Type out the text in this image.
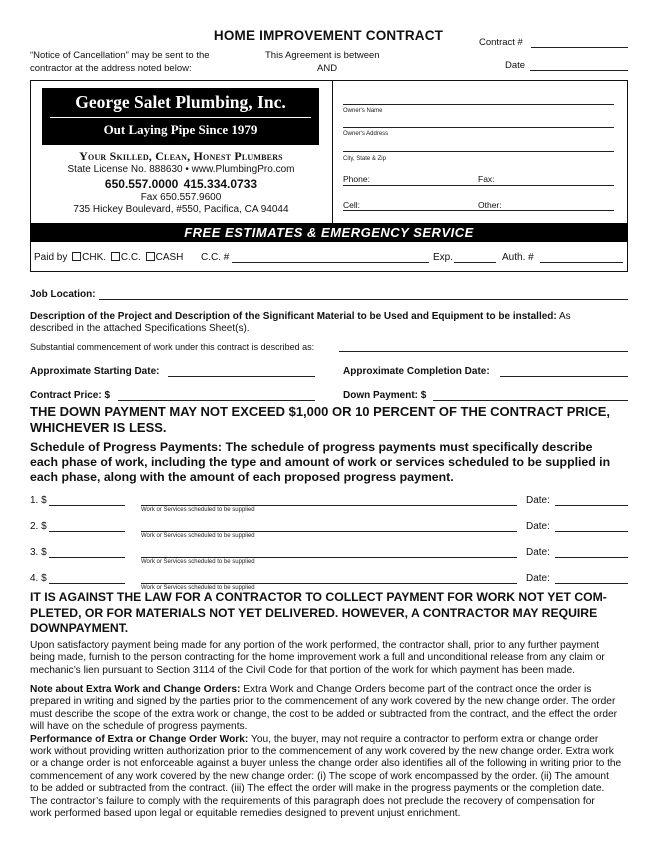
HOME IMPROVEMENT CONTRACT	Contract #
Date
“Notice of Cancellation” may be sent to the
contractor at the address noted below:
This Agreement is between
AND
George Salet Plumbing, Inc.
Out Laying Pipe Since 1979
Your Skilled, Clean, Honest Plumbers
State License No. 888630 • www.PlumbingPro.com
650.557.0000 415.334.0733
Fax 650.557.9600
735 Hickey Boulevard, #550, Pacifica, CA 94044
Owner's Name
Owner's Address
City, State & Zip
Phone:	Fax:
Cell:	Other:
FREE ESTIMATES & EMERGENCY SERVICE
Paid by CHK. C.C. CASH C.C. #	Exp.	Auth. #
Job Location:
Description of the Project and Description of the Significant Material to be Used and Equipment to be installed: As
described in the attached Specifications Sheet(s).
Substantial commencement of work under this contract is described as:
Approximate Starting Date:	Approximate Completion Date:
Contract Price: $	Down Payment: $
THE DOWN PAYMENT MAY NOT EXCEED $1,000 OR 10 PERCENT OF THE CONTRACT PRICE,
WHICHEVER IS LESS.
Schedule of Progress Payments: The schedule of progress payments must specifically describe
each phase of work, including the type and amount of work or services scheduled to be supplied in
each phase, along with the amount of each proposed progress payment.
1. $
Work or Services scheduled to be supplied
Date:
2. $
Work or Services scheduled to be supplied
Date:
3. $
Work or Services scheduled to be supplied
Date:
4. $
Work or Services scheduled to be supplied
Date:
IT IS AGAINST THE LAW FOR A CONTRACTOR TO COLLECT PAYMENT FOR WORK NOT YET COM-
PLETED, OR FOR MATERIALS NOT YET DELIVERED. HOWEVER, A CONTRACTOR MAY REQUIRE
DOWNPAYMENT.
Upon satisfactory payment being made for any portion of the work performed, the contractor shall, prior to any further payment
being made, furnish to the person contracting for the home improvement work a full and unconditional release from any claim or
mechanic’s lien pursuant to Section 3114 of the Civil Code for that portion of the work for which payment has been made.
Note about Extra Work and Change Orders: Extra Work and Change Orders become part of the contract once the order is
prepared in writing and signed by the parties prior to the commencement of any work covered by the new change order. The order
must describe the scope of the extra work or change, the cost to be added or subtracted from the contract, and the effect the order
will have on the schedule of progress payments.
Performance of Extra or Change Order Work: You, the buyer, may not require a contractor to perform extra or change order
work without providing written authorization prior to the commencement of any work covered by the new change order. Extra work
or a change order is not enforceable against a buyer unless the change order also identifies all of the following in writing prior to the
commencement of any work covered by the new change order: (i) The scope of work encompassed by the order. (ii) The amount
to be added or subtracted from the contract. (iii) The effect the order will make in the progress payments or the completion date.
The contractor’s failure to comply with the requirements of this paragraph does not preclude the recovery of compensation for
work performed based upon legal or equitable remedies designed to prevent unjust enrichment.
